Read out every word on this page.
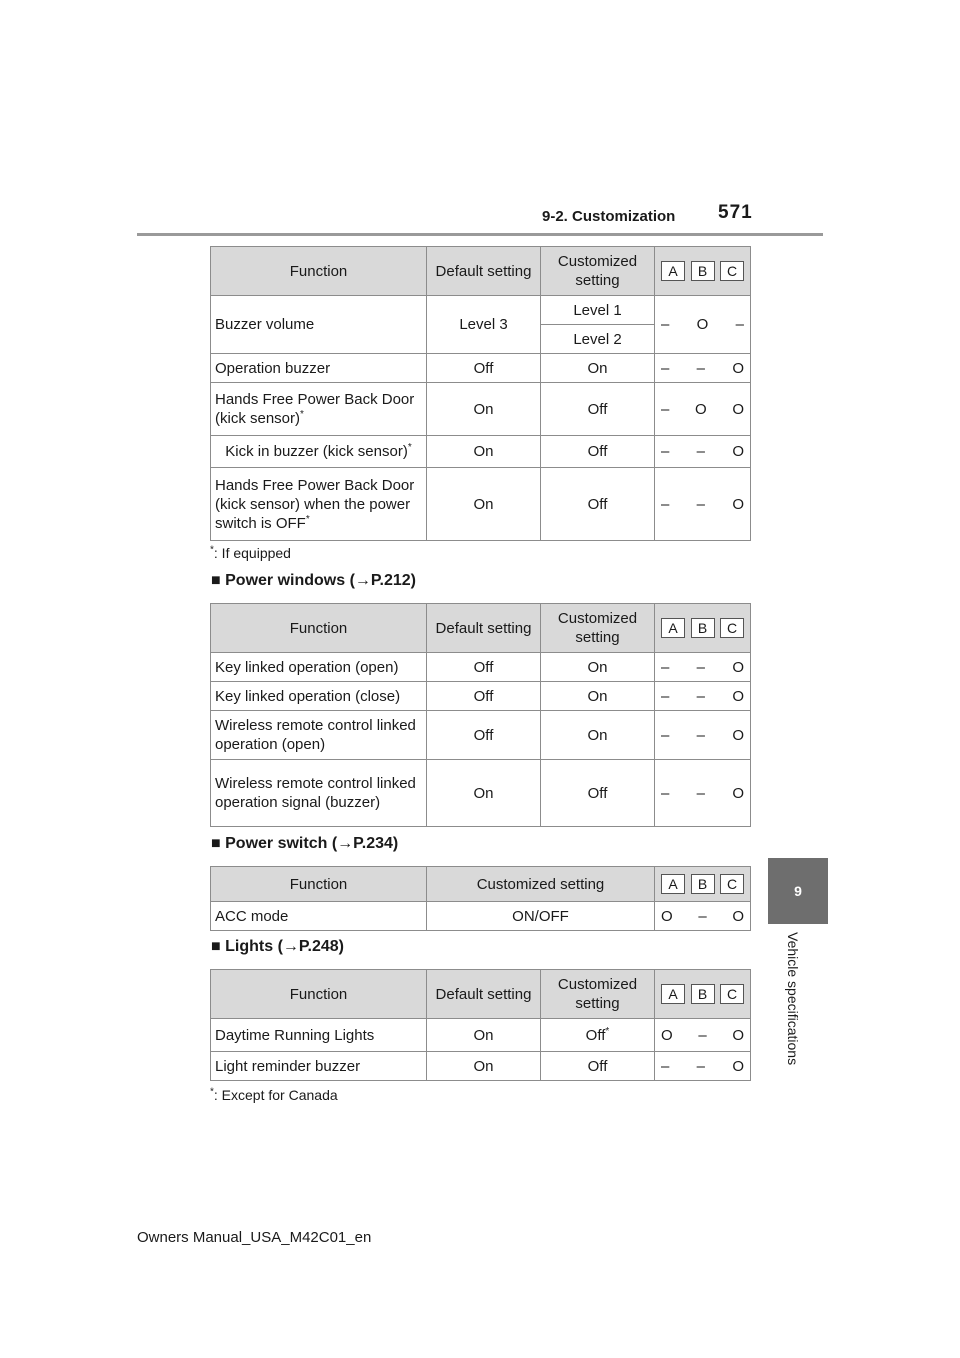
9-2. Customization 571
9
Vehicle specifications
Function	Default setting	Customized setting	A B C

Buzzer volume	Level 3	Level 1	– O –

		Level 2	
Operation buzzer	Off	On	– – O

Hands Free Power Back Door (kick sensor)*	On	Off	– O O

Kick in buzzer (kick sensor)*	On	Off	– – O

Hands Free Power Back Door (kick sensor) when the power switch is OFF*	On	Off	– – O
*: If equipped
■ Power windows (→P.212)
Function	Default setting	Customized setting	A B C

Key linked operation (open)	Off	On	– – O

Key linked operation (close)	Off	On	– – O

Wireless remote control linked operation (open)	Off	On	– – O

Wireless remote control linked operation signal (buzzer)	On	Off	– – O
■ Power switch (→P.234)
Function	Customized setting	A B C

ACC mode	ON/OFF	O – O
■ Lights (→P.248)
Function	Default setting	Customized setting	A B C

Daytime Running Lights	On	Off*	O – O

Light reminder buzzer	On	Off	– – O
*: Except for Canada
Owners Manual_USA_M42C01_en
